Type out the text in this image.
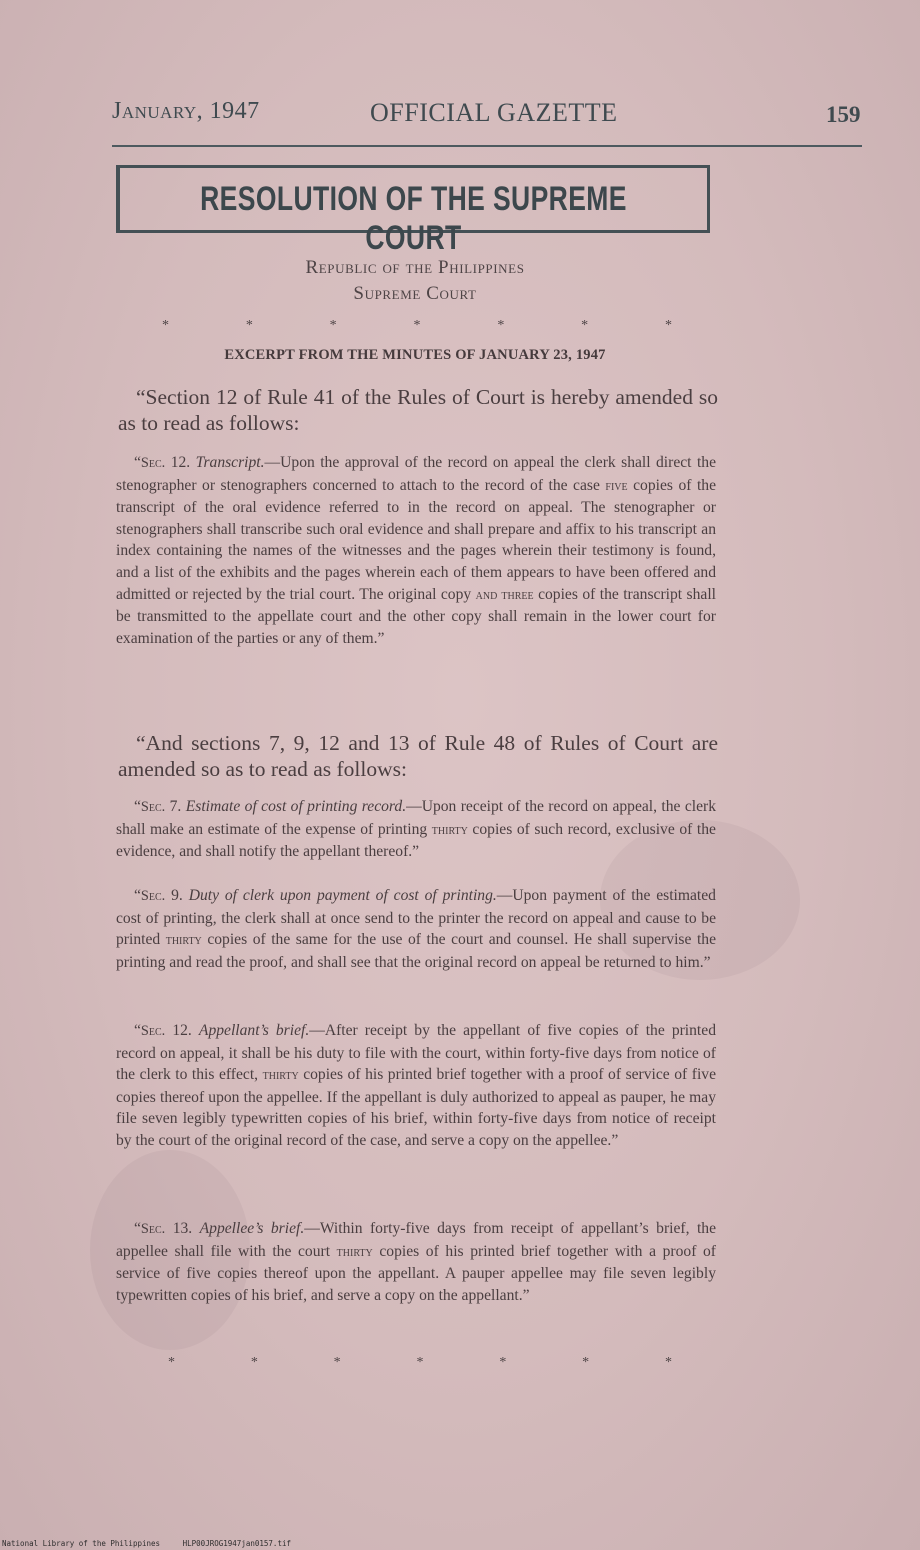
January, 1947	OFFICIAL GAZETTE	159
RESOLUTION OF THE SUPREME COURT
Republic of the Philippines
Supreme Court
*	*	*	*	*	*	*
EXCERPT FROM THE MINUTES OF JANUARY 23, 1947
“Section 12 of Rule 41 of the Rules of Court is hereby amended so as to read as follows:
“Sec. 12. Transcript.—Upon the approval of the record on appeal the clerk shall direct the stenographer or stenographers concerned to attach to the record of the case five copies of the transcript of the oral evidence referred to in the record on appeal. The stenographer or stenographers shall transcribe such oral evidence and shall prepare and affix to his transcript an index containing the names of the witnesses and the pages wherein their testimony is found, and a list of the exhibits and the pages wherein each of them appears to have been offered and admitted or rejected by the trial court. The original copy and three copies of the transcript shall be transmitted to the appellate court and the other copy shall remain in the lower court for examination of the parties or any of them.”
“And sections 7, 9, 12 and 13 of Rule 48 of Rules of Court are amended so as to read as follows:
“Sec. 7. Estimate of cost of printing record.—Upon receipt of the record on appeal, the clerk shall make an estimate of the expense of printing thirty copies of such record, exclusive of the evidence, and shall notify the appellant thereof.”
“Sec. 9. Duty of clerk upon payment of cost of printing.—Upon payment of the estimated cost of printing, the clerk shall at once send to the printer the record on appeal and cause to be printed thirty copies of the same for the use of the court and counsel. He shall supervise the printing and read the proof, and shall see that the original record on appeal be returned to him.”
“Sec. 12. Appellant’s brief.—After receipt by the appellant of five copies of the printed record on appeal, it shall be his duty to file with the court, within forty-five days from notice of the clerk to this effect, thirty copies of his printed brief together with a proof of service of five copies thereof upon the appellee. If the appellant is duly authorized to appeal as pauper, he may file seven legibly typewritten copies of his brief, within forty-five days from notice of receipt by the court of the original record of the case, and serve a copy on the appellee.”
“Sec. 13. Appellee’s brief.—Within forty-five days from receipt of appellant’s brief, the appellee shall file with the court thirty copies of his printed brief together with a proof of service of five copies thereof upon the appellant. A pauper appellee may file seven legibly typewritten copies of his brief, and serve a copy on the appellant.”
*	*	*	*	*	*	*
National Library of the Philippines	HLP00JROG1947jan0157.tif
